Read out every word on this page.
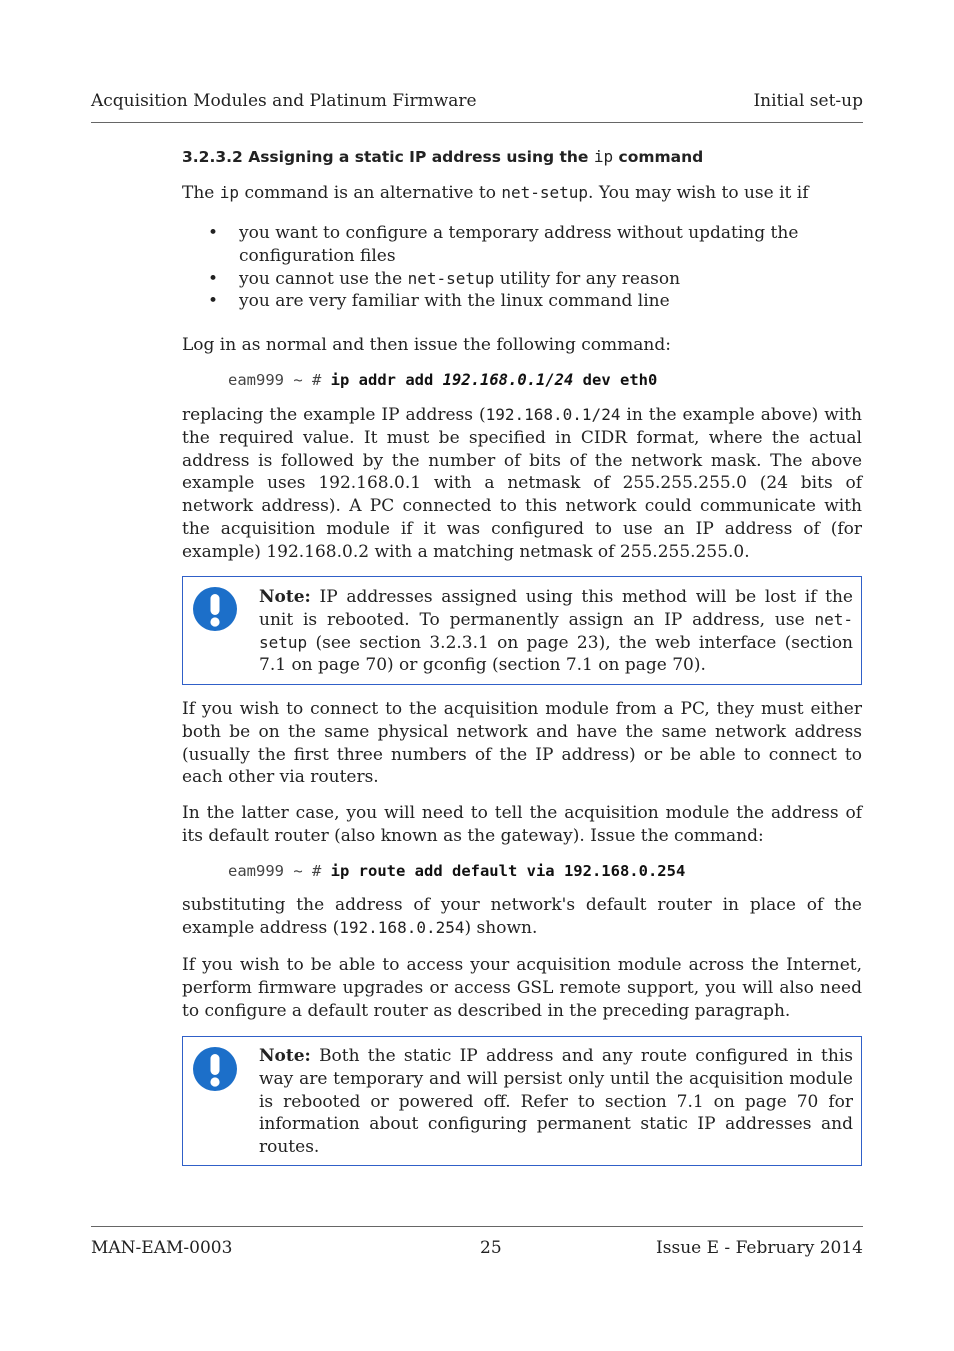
Acquisition Modules and Platinum Firmware	Initial set-up
3.2.3.2 Assigning a static IP address using the ip command
The ip command is an alternative to net-setup. You may wish to use it if
• you want to configure a temporary address without updating the configuration files
• you cannot use the net-setup utility for any reason
• you are very familiar with the linux command line
Log in as normal and then issue the following command:
eam999 ~ # ip addr add 192.168.0.1/24 dev eth0
replacing the example IP address (192.168.0.1/24 in the example above) with the required value. It must be specified in CIDR format, where the actual address is followed by the number of bits of the network mask. The above example uses 192.168.0.1 with a netmask of 255.255.255.0 (24 bits of network address). A PC connected to this network could communicate with the acquisition module if it was configured to use an IP address of (for example) 192.168.0.2 with a matching netmask of 255.255.255.0.
Note: IP addresses assigned using this method will be lost if the unit is rebooted. To permanently assign an IP address, use net-setup (see section 3.2.3.1 on page 23), the web interface (section 7.1 on page 70) or gconfig (section 7.1 on page 70).
If you wish to connect to the acquisition module from a PC, they must either both be on the same physical network and have the same network address (usually the first three numbers of the IP address) or be able to connect to each other via routers.
In the latter case, you will need to tell the acquisition module the address of its default router (also known as the gateway). Issue the command:
eam999 ~ # ip route add default via 192.168.0.254
substituting the address of your network's default router in place of the example address (192.168.0.254) shown.
If you wish to be able to access your acquisition module across the Internet, perform firmware upgrades or access GSL remote support, you will also need to configure a default router as described in the preceding paragraph.
Note: Both the static IP address and any route configured in this way are temporary and will persist only until the acquisition module is rebooted or powered off. Refer to section 7.1 on page 70 for information about configuring permanent static IP addresses and routes.
MAN-EAM-0003	25	Issue E - February 2014
